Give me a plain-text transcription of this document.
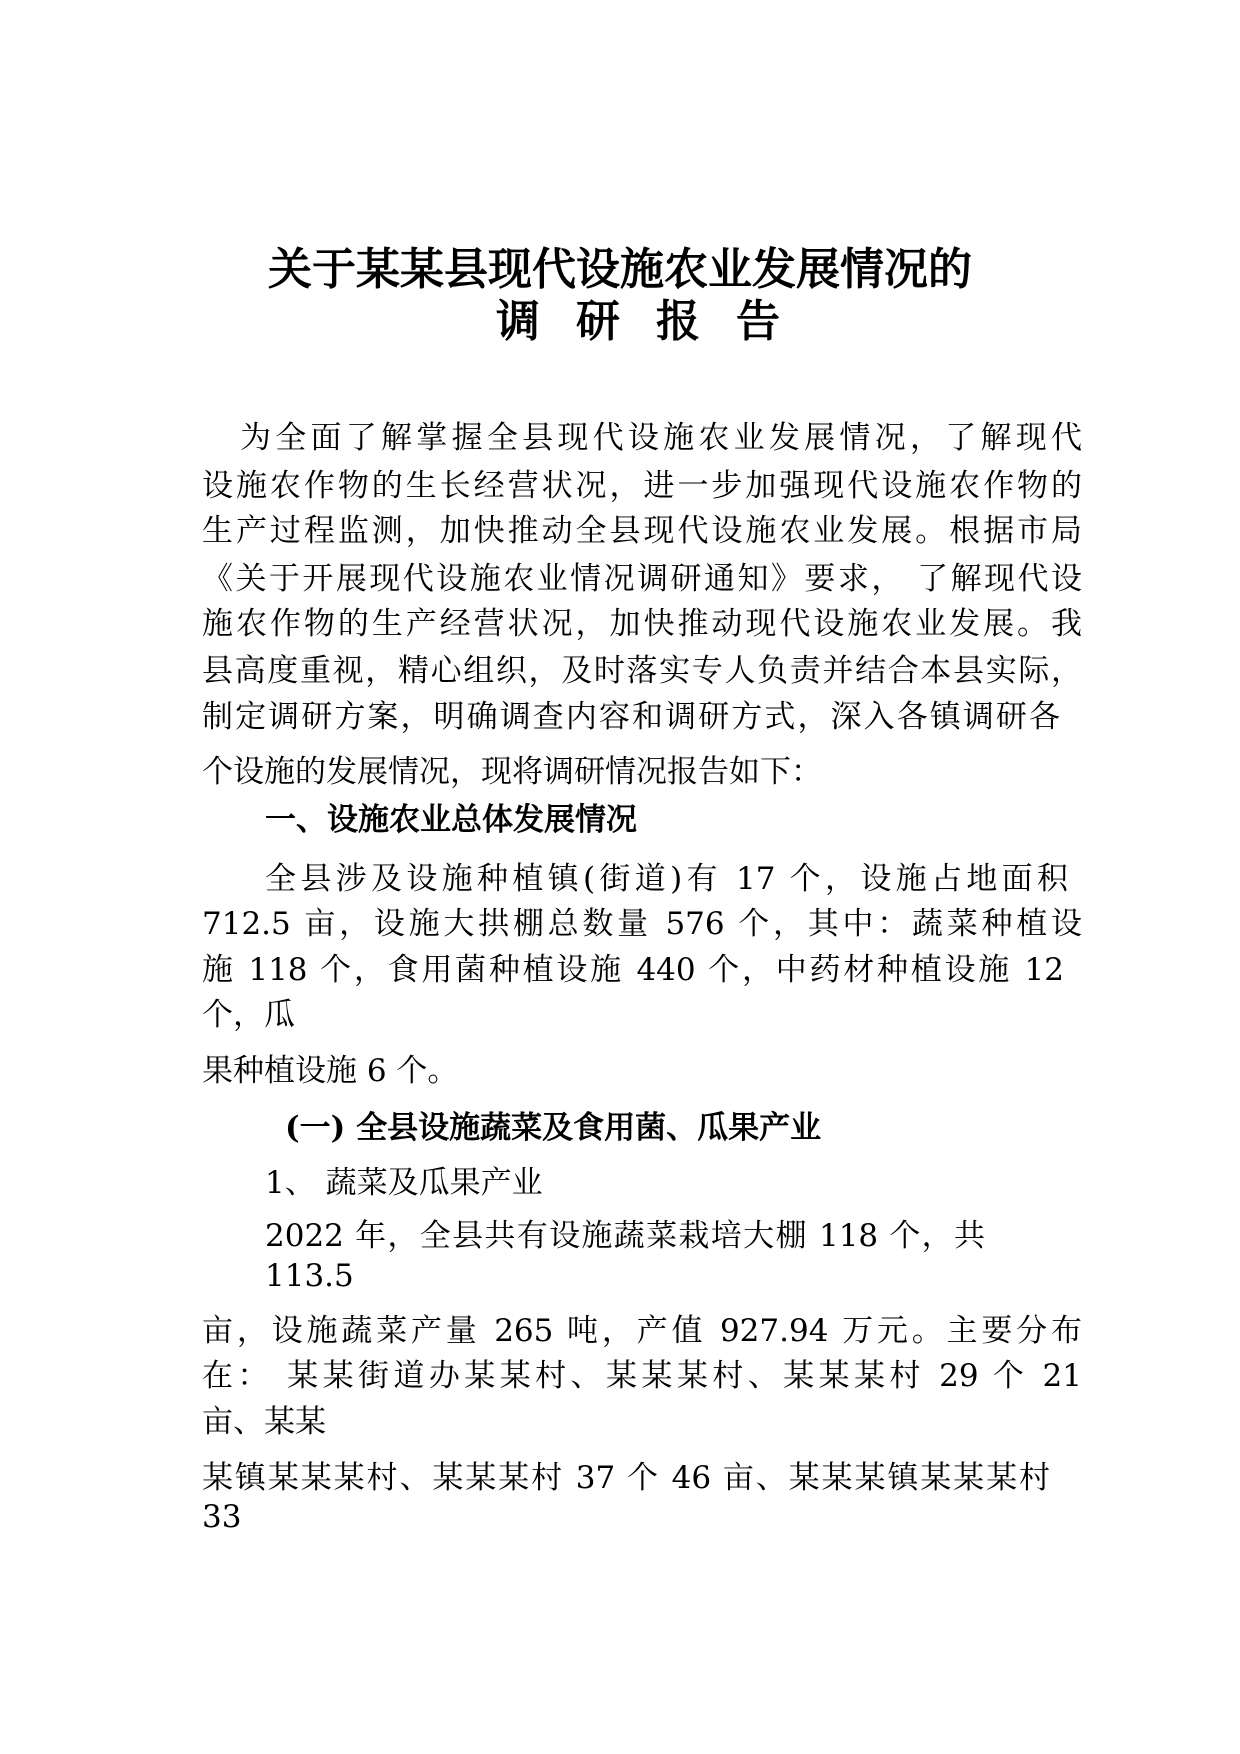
关于某某县现代设施农业发展情况的
调研报告
为全面了解掌握全县现代设施农业发展情况，了解现代
设施农作物的生长经营状况，进一步加强现代设施农作物的
生产过程监测，加快推动全县现代设施农业发展。根据市局
《关于开展现代设施农业情况调研通知》要求， 了解现代设
施农作物的生产经营状况，加快推动现代设施农业发展。我
县高度重视，精心组织，及时落实专人负责并结合本县实际，
制定调研方案，明确调查内容和调研方式，深入各镇调研各
个设施的发展情况，现将调研情况报告如下：
一、设施农业总体发展情况
全县涉及设施种植镇(街道)有 17 个，设施占地面积
712.5 亩，设施大拱棚总数量 576 个，其中：蔬菜种植设
施 118 个，食用菌种植设施 440 个，中药材种植设施 12
个，瓜
果种植设施 6 个。
(一) 全县设施蔬菜及食用菌、瓜果产业
1、 蔬菜及瓜果产业
2022 年，全县共有设施蔬菜栽培大棚 118 个，共
113.5
亩，设施蔬菜产量 265 吨，产值 927.94 万元。主要分布
在： 某某街道办某某村、某某某村、某某某村 29 个 21
亩、某某
某镇某某某村、某某某村 37 个 46 亩、某某某镇某某某村
33
